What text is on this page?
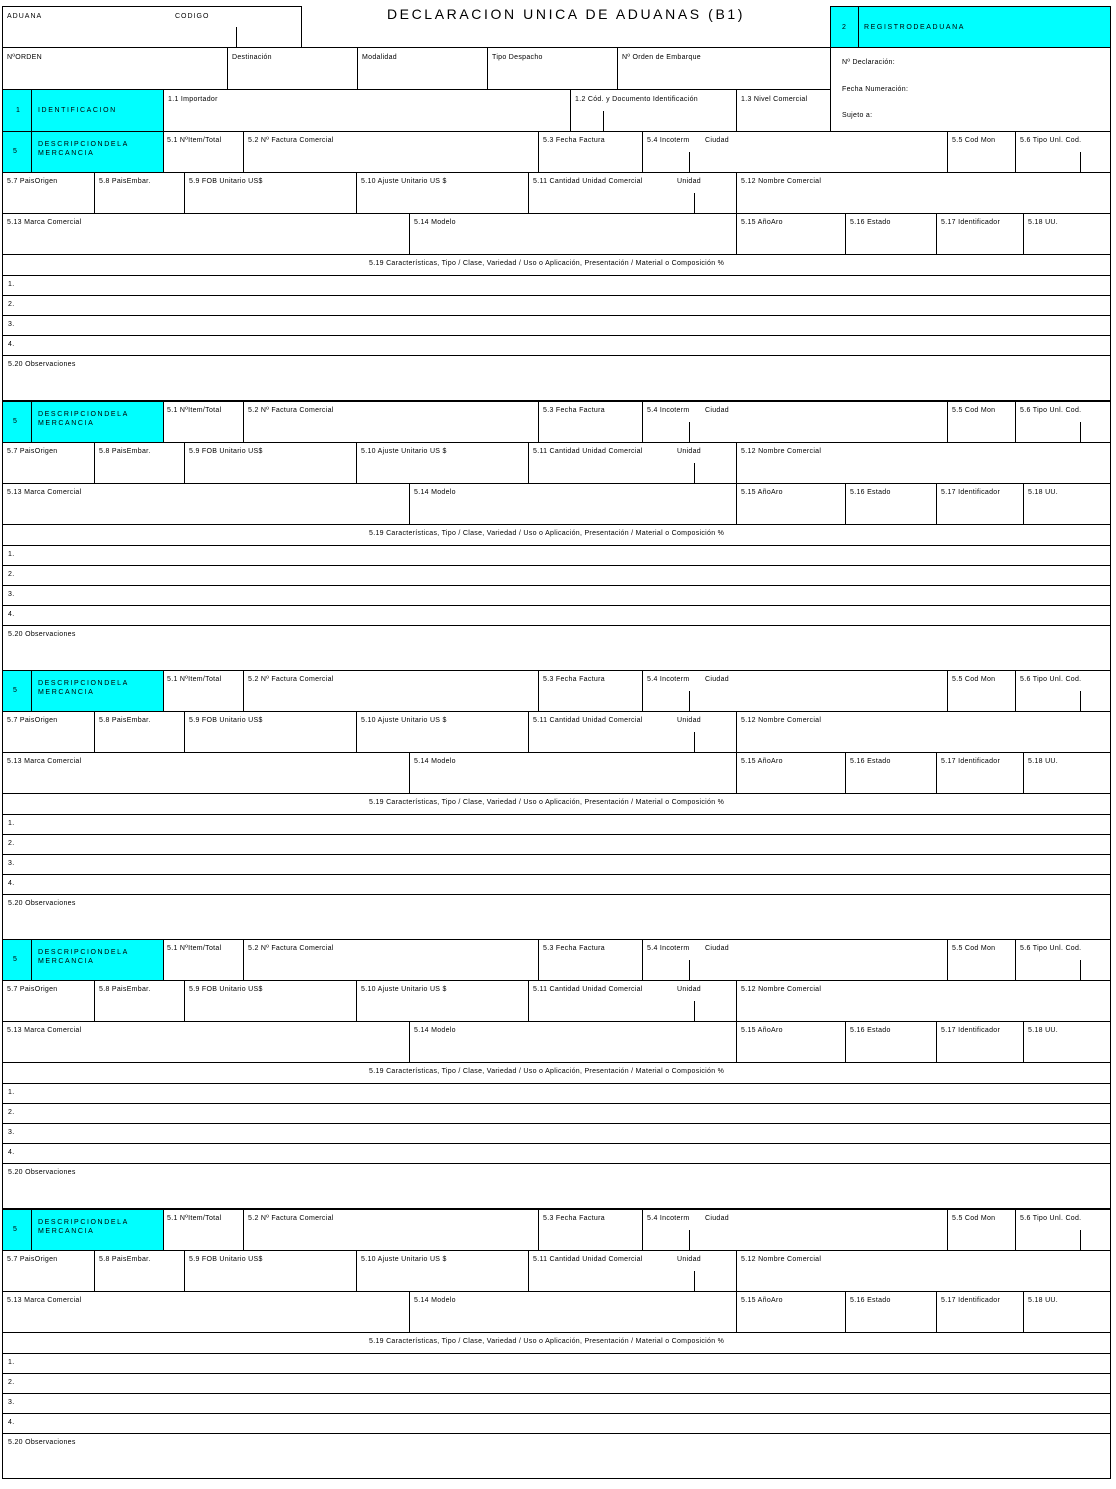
DECLARACION UNICA DE ADUANAS (B1)
ADUANA	CODIGO
2 REGISTRODEADUANA
Nº Declaración:
Fecha Numeración:
Sujeto a:
NºORDEN	Destinación	Modalidad	Tipo Despacho	Nº Orden de Embarque
1 IDENTIFICACION
1.1 Importador	1.2 Cód. y Documento Identificación	1.3 Nivel Comercial
5
DESCRIPCIONDELA MERCANCIA
5.1 NºItem/Total	5.2 Nº Factura Comercial	5.3 Fecha Factura	5.4 Incoterm Ciudad	5.5 Cod Mon	5.6 Tipo Unl. Cod.
5.7 PaisOrigen	5.8 PaisEmbar.	5.9 FOB Unitario US$	5.10 Ajuste Unitario US $	5.11 Cantidad Unidad Comercial	Unidad	5.12 Nombre Comercial
5.13 Marca Comercial	5.14 Modelo	5.15 AñoAro	5.16 Estado	5.17 Identificador	5.18 UU.
5.19 Características, Tipo / Clase, Variedad / Uso o Aplicación, Presentación / Material o Composición %
1.
2.
3.
4.
5.20 Observaciones
5
DESCRIPCIONDELA MERCANCIA
5.1 NºItem/Total	5.2 Nº Factura Comercial	5.3 Fecha Factura	5.4 Incoterm Ciudad	5.5 Cod Mon	5.6 Tipo Unl. Cod.
5.7 PaisOrigen	5.8 PaisEmbar.	5.9 FOB Unitario US$	5.10 Ajuste Unitario US $	5.11 Cantidad Unidad Comercial	Unidad	5.12 Nombre Comercial
5.13 Marca Comercial	5.14 Modelo	5.15 AñoAro	5.16 Estado	5.17 Identificador	5.18 UU.
5.19 Características, Tipo / Clase, Variedad / Uso o Aplicación, Presentación / Material o Composición %
1.
2.
3.
4.
5.20 Observaciones
5
DESCRIPCIONDELA MERCANCIA
5.1 NºItem/Total	5.2 Nº Factura Comercial	5.3 Fecha Factura	5.4 Incoterm Ciudad	5.5 Cod Mon	5.6 Tipo Unl. Cod.
5.7 PaisOrigen	5.8 PaisEmbar.	5.9 FOB Unitario US$	5.10 Ajuste Unitario US $	5.11 Cantidad Unidad Comercial	Unidad	5.12 Nombre Comercial
5.13 Marca Comercial	5.14 Modelo	5.15 AñoAro	5.16 Estado	5.17 Identificador	5.18 UU.
5.19 Características, Tipo / Clase, Variedad / Uso o Aplicación, Presentación / Material o Composición %
1.
2.
3.
4.
5.20 Observaciones
5
DESCRIPCIONDELA MERCANCIA
5.1 NºItem/Total	5.2 Nº Factura Comercial	5.3 Fecha Factura	5.4 Incoterm Ciudad	5.5 Cod Mon	5.6 Tipo Unl. Cod.
5.7 PaisOrigen	5.8 PaisEmbar.	5.9 FOB Unitario US$	5.10 Ajuste Unitario US $	5.11 Cantidad Unidad Comercial	Unidad	5.12 Nombre Comercial
5.13 Marca Comercial	5.14 Modelo	5.15 AñoAro	5.16 Estado	5.17 Identificador	5.18 UU.
5.19 Características, Tipo / Clase, Variedad / Uso o Aplicación, Presentación / Material o Composición %
1.
2.
3.
4.
5.20 Observaciones
5
DESCRIPCIONDELA MERCANCIA
5.1 NºItem/Total	5.2 Nº Factura Comercial	5.3 Fecha Factura	5.4 Incoterm Ciudad	5.5 Cod Mon	5.6 Tipo Unl. Cod.
5.7 PaisOrigen	5.8 PaisEmbar.	5.9 FOB Unitario US$	5.10 Ajuste Unitario US $	5.11 Cantidad Unidad Comercial	Unidad	5.12 Nombre Comercial
5.13 Marca Comercial	5.14 Modelo	5.15 AñoAro	5.16 Estado	5.17 Identificador	5.18 UU.
5.19 Características, Tipo / Clase, Variedad / Uso o Aplicación, Presentación / Material o Composición %
1.
2.
3.
4.
5.20 Observaciones
